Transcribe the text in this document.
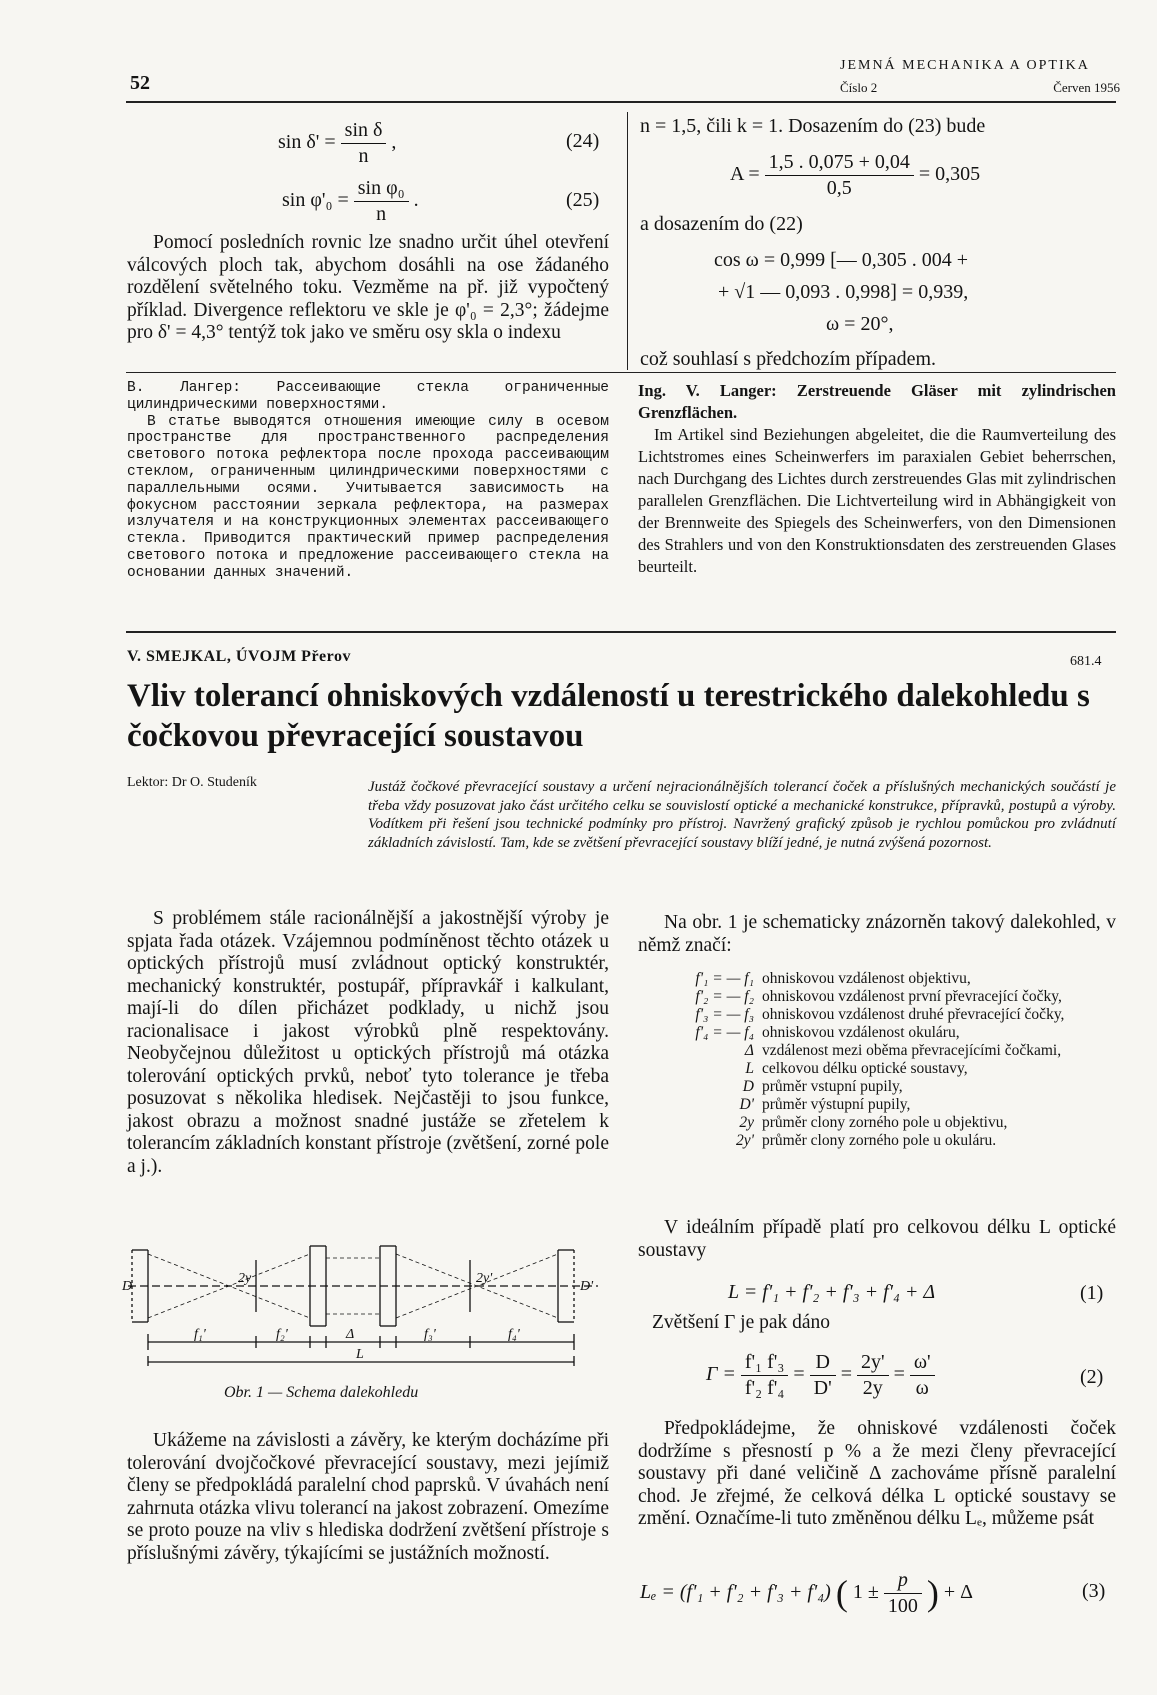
52
JEMNÁ MECHANIKA A OPTIKA
Číslo 2	Červen 1956
$\sin \delta' = \frac{\text{sin δ}}{n}$ ,	(24)
$\sin \varphi'_0 = \frac{\text{sin φ₀}}{n}$ .	(25)
Pomocí posledních rovnic lze snadno určit úhel otevření válcových ploch tak, abychom dosáhli na ose žádaného rozdělení světelného toku. Vezměme na př. již vypočtený příklad. Divergence reflektoru ve skle je φ'₀ = 2,3°; žádejme pro δ' = 4,3° tentýž tok jako ve směru osy skla o indexu
n = 1,5, čili k = 1. Dosazením do (23) bude
$A = \frac{1,5 . 0,075 + 0,04}{0,5} = 0,305$
a dosazením do (22)
cos ω = 0,999 [— 0,305 . 004 +
+ √1 — 0,093 . 0,998] = 0,939,
ω = 20°,
což souhlasí s předchozím případem.
В. Лангер: Рассеивающие стекла ограниченные цилиндрическими поверхностями.
В статье выводятся отношения имеющие силу в осевом пространстве для пространственного распределения светового потока рефлектора после прохода рассеивающим стеклом, ограниченным цилиндрическими поверхностями с параллельными осями. Учитывается зависимость на фокусном расстоянии зеркала рефлектора, на размерах излучателя и на конструкционных элементах рассеивающего стекла. Приводится практический пример распределения светового потока и предложение рассеивающего стекла на основании данных значений.
Ing. V. Langer: Zerstreuende Gläser mit zylindrischen Grenzflächen.
Im Artikel sind Beziehungen abgeleitet, die die Raumverteilung des Lichtstromes eines Scheinwerfers im paraxialen Gebiet beherrschen, nach Durchgang des Lichtes durch zerstreuendes Glas mit zylindrischen parallelen Grenzflächen. Die Lichtverteilung wird in Abhängigkeit von der Brennweite des Spiegels des Scheinwerfers, von den Dimensionen des Strahlers und von den Konstruktionsdaten des zerstreuenden Glases beurteilt.
V. SMEJKAL, ÚVOJM Přerov	681.4
Vliv tolerancí ohniskových vzdáleností u terestrického dalekohledu s čočkovou převracející soustavou
Lektor: Dr O. Studeník	Justáž čočkové převracející soustavy a určení nejracionálnějších tolerancí čoček a příslušných mechanických součástí je třeba vždy posuzovat jako část určitého celku se souvislostí optické a mechanické konstrukce, přípravků, postupů a výroby. Vodítkem při řešení jsou technické podmínky pro přístroj. Navržený grafický způsob je rychlou pomůckou pro zvládnutí základních závislostí. Tam, kde se zvětšení převracející soustavy blíží jedné, je nutná zvýšená pozornost.
S problémem stále racionálnější a jakostnější výroby je spjata řada otázek. Vzájemnou podmíněnost těchto otázek u optických přístrojů musí zvládnout optický konstruktér, mechanický konstruktér, postupář, přípravkář i kalkulant, mají-li do dílen přicházet podklady, u nichž jsou racionalisace i jakost výrobků plně respektovány. Neobyčejnou důležitost u optických přístrojů má otázka tolerování optických prvků, neboť tyto tolerance je třeba posuzovat s několika hledisek. Nejčastěji to jsou funkce, jakost obrazu a možnost snadné justáže se zřetelem k tolerancím základních konstant přístroje (zvětšení, zorné pole a j.).
D	D'
2y	2y'
f₁'	f₂'	Δ	f₃'	f₄'
L
Obr. 1 — Schema dalekohledu
Ukážeme na závislosti a závěry, ke kterým docházíme při tolerování dvojčočkové převracející soustavy, mezi jejímiž členy se předpokládá paralelní chod paprsků. V úvahách není zahrnuta otázka vlivu tolerancí na jakost zobrazení. Omezíme se proto pouze na vliv s hlediska dodržení zvětšení přístroje s příslušnými závěry, týkajícími se justážních možností.
Na obr. 1 je schematicky znázorněn takový dalekohled, v němž značí:
f'₁ = — f₁ ohniskovou vzdálenost objektivu,
f'₂ = — f₂ ohniskovou vzdálenost první převracející čočky,
f'₃ = — f₃ ohniskovou vzdálenost druhé převracející čočky,
f'₄ = — f₄ ohniskovou vzdálenost okuláru,
Δ vzdálenost mezi oběma převracejícími čočkami,
L celkovou délku optické soustavy,
D průměr vstupní pupily,
D' průměr výstupní pupily,
2y průměr clony zorného pole u objektivu,
2y' průměr clony zorného pole u okuláru.
V ideálním případě platí pro celkovou délku L optické soustavy
L = f'₁ + f'₂ + f'₃ + f'₄ + Δ	(1)
Zvětšení Γ je pak dáno
$\Gamma = \frac{\text{f'₁ f'₃}}{\text{f'₂ f'₄}} = \frac{D}{D'} = \frac{2y'}{2y} = \frac{\omega'}{\omega}$	(2)
Předpokládejme, že ohniskové vzdálenosti čoček dodržíme s přesností p % a že mezi členy převracející soustavy při dané veličině Δ zachováme přísně paralelní chod. Je zřejmé, že celková délka L optické soustavy se změní. Označíme-li tuto změněnou délku Lₑ, můžeme psát
Lₑ = (f'₁ + f'₂ + f'₃ + f'₄) ( $1 \pm \frac{p}{100}$ ) + Δ	(3)
